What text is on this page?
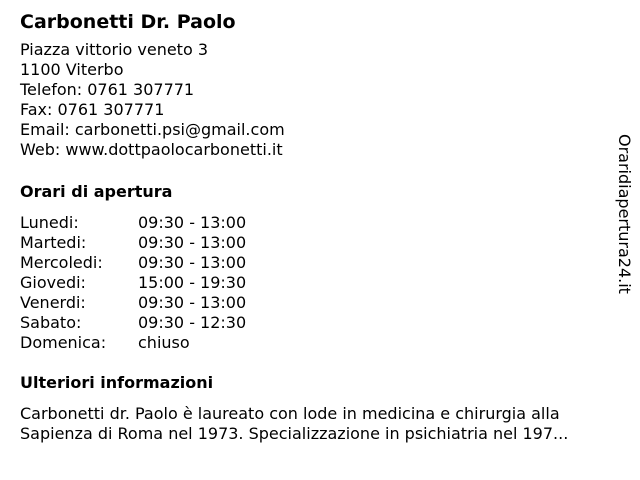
Carbonetti Dr. Paolo
Piazza vittorio veneto 3
1100 Viterbo
Telefon: 0761 307771
Fax: 0761 307771
Email: carbonetti.psi@gmail.com
Web: www.dottpaolocarbonetti.it
Orari di apertura
Lunedi:	09:30 - 13:00
Martedi:	09:30 - 13:00
Mercoledi:	09:30 - 13:00
Giovedi:	15:00 - 19:30
Venerdi:	09:30 - 13:00
Sabato:	09:30 - 12:30
Domenica:	chiuso
Ulteriori informazioni
Carbonetti dr. Paolo è laureato con lode in medicina e chirurgia alla Sapienza di Roma nel 1973. Specializzazione in psichiatria nel 197...
Oraridiapertura24.it
